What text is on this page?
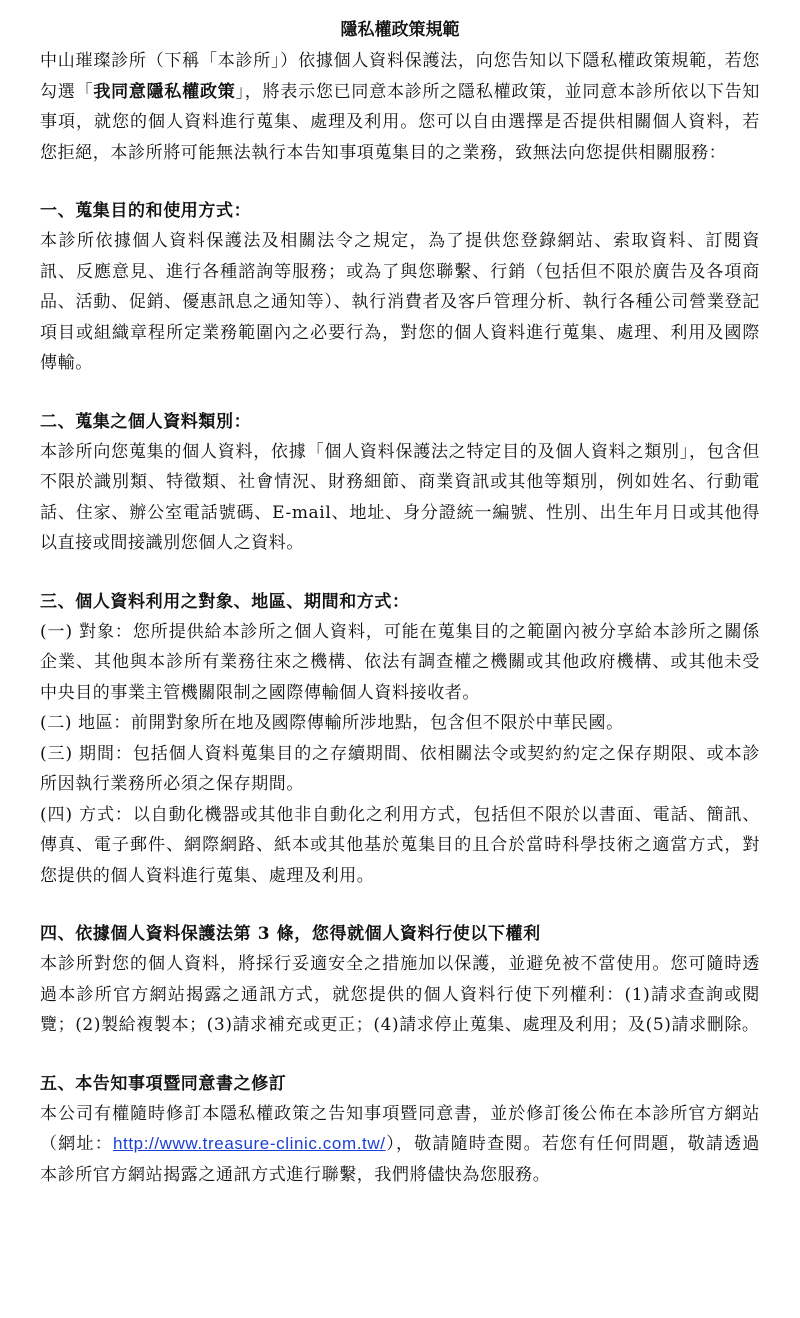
隱私權政策規範

中山璀璨診所（下稱「本診所」）依據個人資料保護法，向您告知以下隱私權政策規範，若您勾選「我同意隱私權政策」，將表示您已同意本診所之隱私權政策，並同意本診所依以下告知事項，就您的個人資料進行蒐集、處理及利用。您可以自由選擇是否提供相關個人資料，若您拒絕，本診所將可能無法執行本告知事項蒐集目的之業務，致無法向您提供相關服務：

一、蒐集目的和使用方式：

本診所依據個人資料保護法及相關法令之規定，為了提供您登錄網站、索取資料、訂閱資訊、反應意見、進行各種諮詢等服務；或為了與您聯繫、行銷（包括但不限於廣告及各項商品、活動、促銷、優惠訊息之通知等）、執行消費者及客戶管理分析、執行各種公司營業登記項目或組織章程所定業務範圍內之必要行為，對您的個人資料進行蒐集、處理、利用及國際傳輸。

二、蒐集之個人資料類別：

本診所向您蒐集的個人資料，依據「個人資料保護法之特定目的及個人資料之類別」，包含但不限於識別類、特徵類、社會情況、財務細節、商業資訊或其他等類別，例如姓名、行動電話、住家、辦公室電話號碼、E-mail、地址、身分證統一編號、性別、出生年月日或其他得以直接或間接識別您個人之資料。

三、個人資料利用之對象、地區、期間和方式：

(一) 對象：您所提供給本診所之個人資料，可能在蒐集目的之範圍內被分享給本診所之關係企業、其他與本診所有業務往來之機構、依法有調查權之機關或其他政府機構、或其他未受中央目的事業主管機關限制之國際傳輸個人資料接收者。

(二) 地區：前開對象所在地及國際傳輸所涉地點，包含但不限於中華民國。

(三) 期間：包括個人資料蒐集目的之存續期間、依相關法令或契約約定之保存期限、或本診所因執行業務所必須之保存期間。

(四) 方式：以自動化機器或其他非自動化之利用方式，包括但不限於以書面、電話、簡訊、傳真、電子郵件、網際網路、紙本或其他基於蒐集目的且合於當時科學技術之適當方式，對您提供的個人資料進行蒐集、處理及利用。

四、依據個人資料保護法第 3 條，您得就個人資料行使以下權利

本診所對您的個人資料，將採行妥適安全之措施加以保護，並避免被不當使用。您可隨時透過本診所官方網站揭露之通訊方式，就您提供的個人資料行使下列權利：(1)請求查詢或閱覽；(2)製給複製本；(3)請求補充或更正；(4)請求停止蒐集、處理及利用；及(5)請求刪除。

五、本告知事項暨同意書之修訂

本公司有權隨時修訂本隱私權政策之告知事項暨同意書，並於修訂後公佈在本診所官方網站（網址：http://www.treasure-clinic.com.tw/），敬請隨時查閱。若您有任何問題，敬請透過本診所官方網站揭露之通訊方式進行聯繫，我們將儘快為您服務。
